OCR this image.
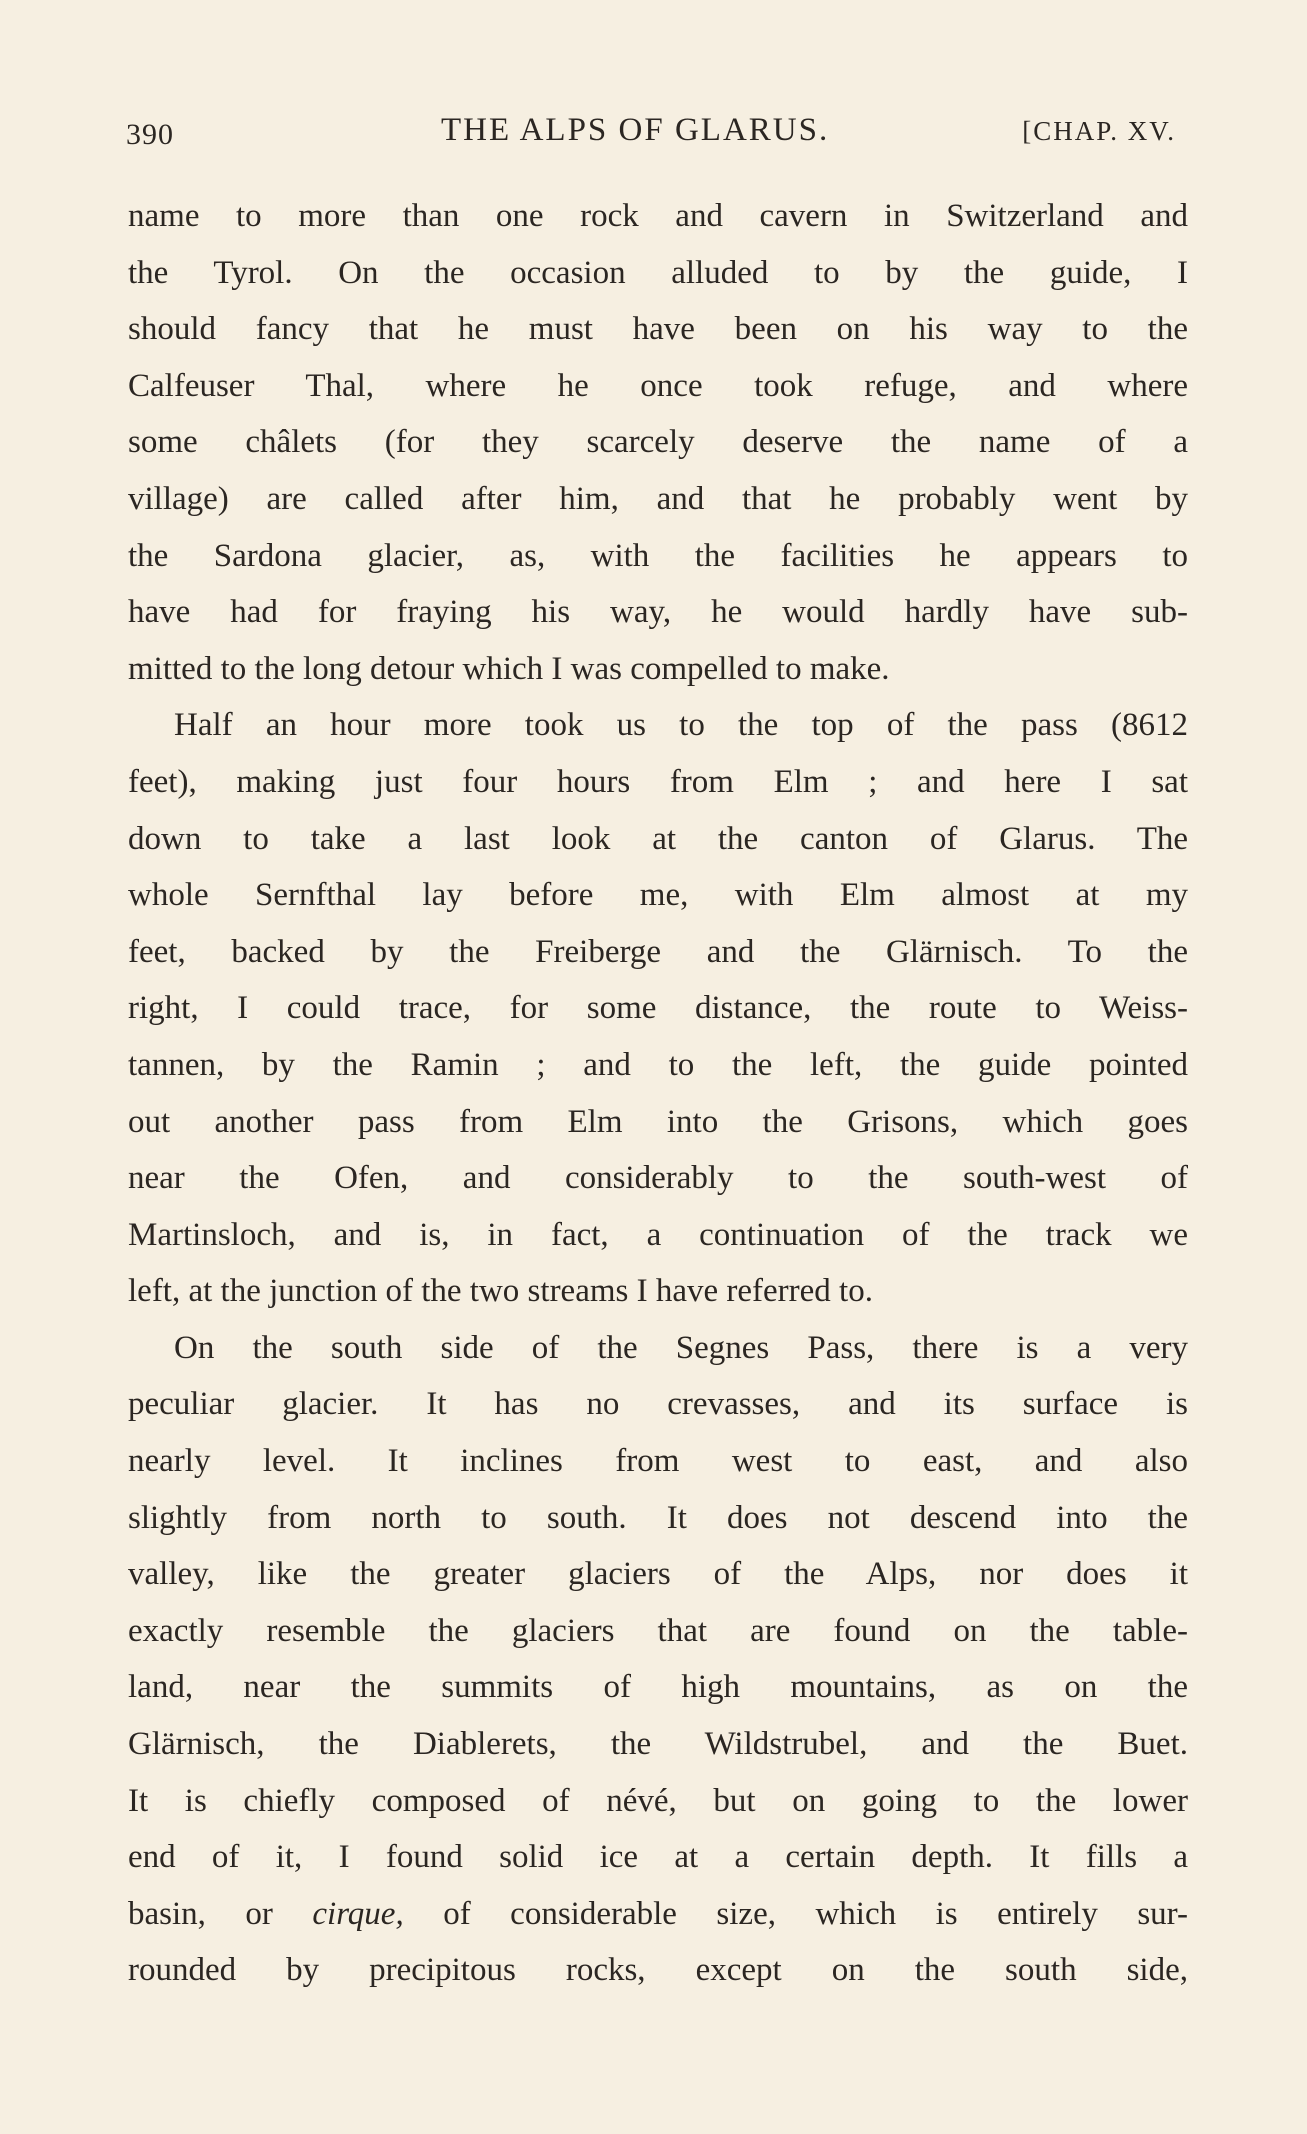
390	THE ALPS OF GLARUS.	[CHAP. XV.
name to more than one rock and cavern in Switzerland and
the Tyrol. On the occasion alluded to by the guide, I
should fancy that he must have been on his way to the
Calfeuser Thal, where he once took refuge, and where
some châlets (for they scarcely deserve the name of a
village) are called after him, and that he probably went by
the Sardona glacier, as, with the facilities he appears to
have had for fraying his way, he would hardly have sub-
mitted to the long detour which I was compelled to make.
Half an hour more took us to the top of the pass (8612
feet), making just four hours from Elm ; and here I sat
down to take a last look at the canton of Glarus. The
whole Sernfthal lay before me, with Elm almost at my
feet, backed by the Freiberge and the Glärnisch. To the
right, I could trace, for some distance, the route to Weiss-
tannen, by the Ramin ; and to the left, the guide pointed
out another pass from Elm into the Grisons, which goes
near the Ofen, and considerably to the south-west of
Martinsloch, and is, in fact, a continuation of the track we
left, at the junction of the two streams I have referred to.
On the south side of the Segnes Pass, there is a very
peculiar glacier. It has no crevasses, and its surface is
nearly level. It inclines from west to east, and also
slightly from north to south. It does not descend into the
valley, like the greater glaciers of the Alps, nor does it
exactly resemble the glaciers that are found on the table-
land, near the summits of high mountains, as on the
Glärnisch, the Diablerets, the Wildstrubel, and the Buet.
It is chiefly composed of névé, but on going to the lower
end of it, I found solid ice at a certain depth. It fills a
basin, or cirque, of considerable size, which is entirely sur-
rounded by precipitous rocks, except on the south side,
